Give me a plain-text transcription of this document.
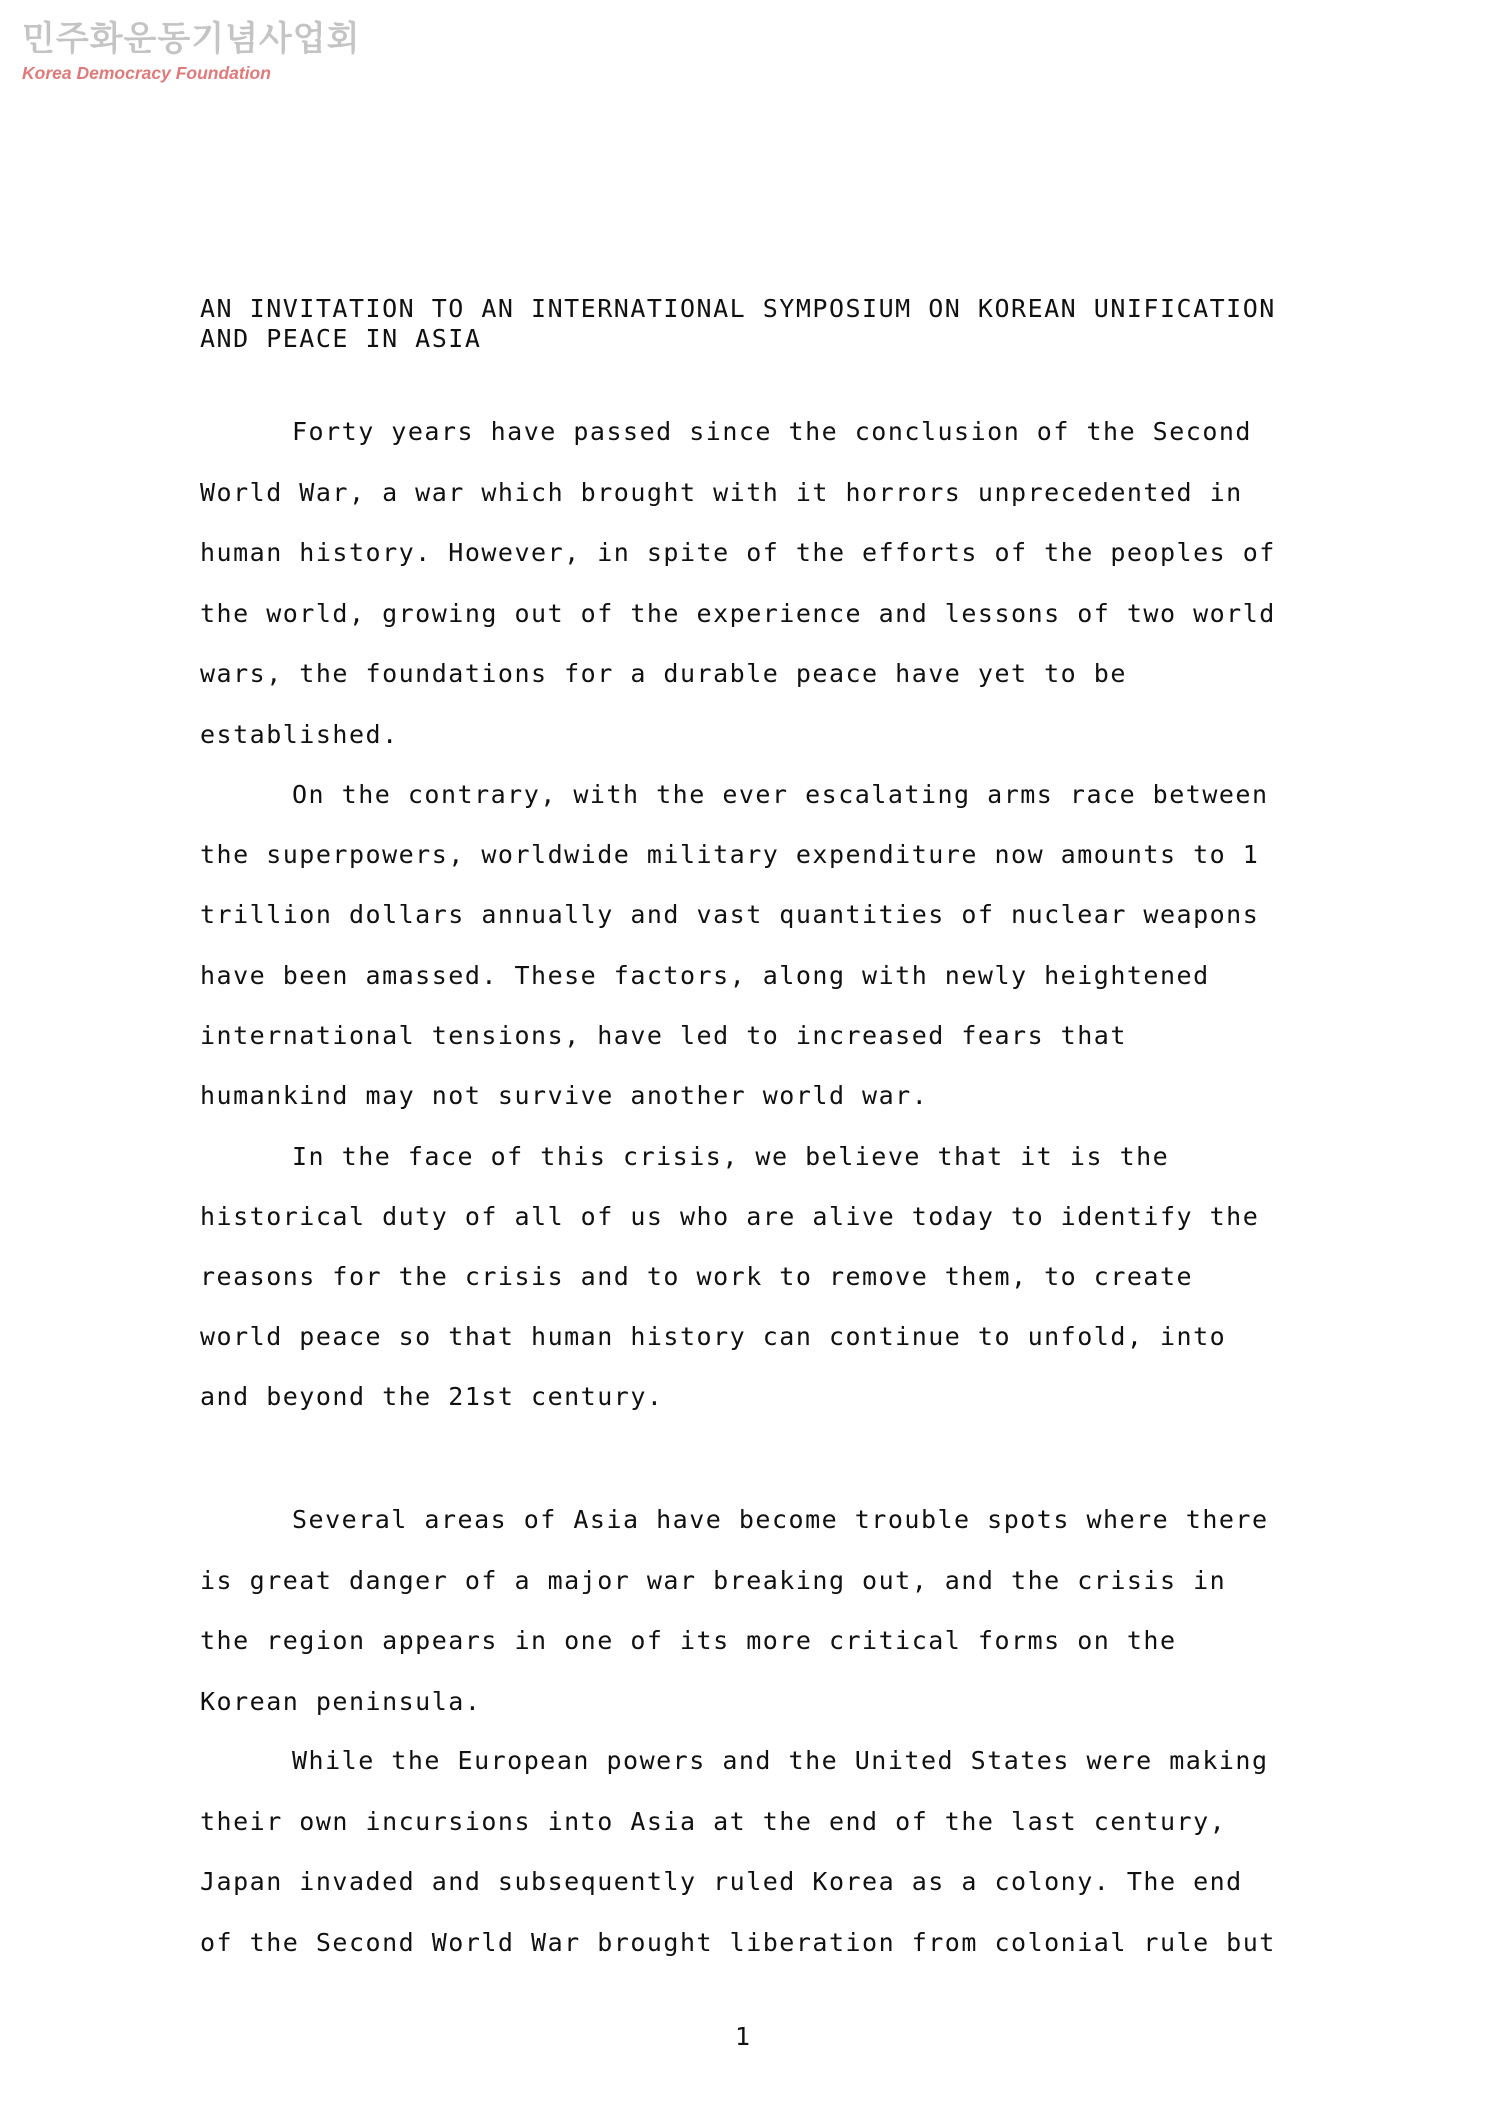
민주화운동기념사업회
Korea Democracy Foundation
AN INVITATION TO AN INTERNATIONAL SYMPOSIUM ON KOREAN UNIFICATION
AND PEACE IN ASIA
Forty years have passed since the conclusion of the Second
World War, a war which brought with it horrors unprecedented in
human history. However, in spite of the efforts of the peoples of
the world, growing out of the experience and lessons of two world
wars, the foundations for a durable peace have yet to be
established.
On the contrary, with the ever escalating arms race between
the superpowers, worldwide military expenditure now amounts to 1
trillion dollars annually and vast quantities of nuclear weapons
have been amassed. These factors, along with newly heightened
international tensions, have led to increased fears that
humankind may not survive another world war.
In the face of this crisis, we believe that it is the
historical duty of all of us who are alive today to identify the
reasons for the crisis and to work to remove them, to create
world peace so that human history can continue to unfold, into
and beyond the 21st century.
Several areas of Asia have become trouble spots where there
is great danger of a major war breaking out, and the crisis in
the region appears in one of its more critical forms on the
Korean peninsula.
While the European powers and the United States were making
their own incursions into Asia at the end of the last century,
Japan invaded and subsequently ruled Korea as a colony. The end
of the Second World War brought liberation from colonial rule but
1
